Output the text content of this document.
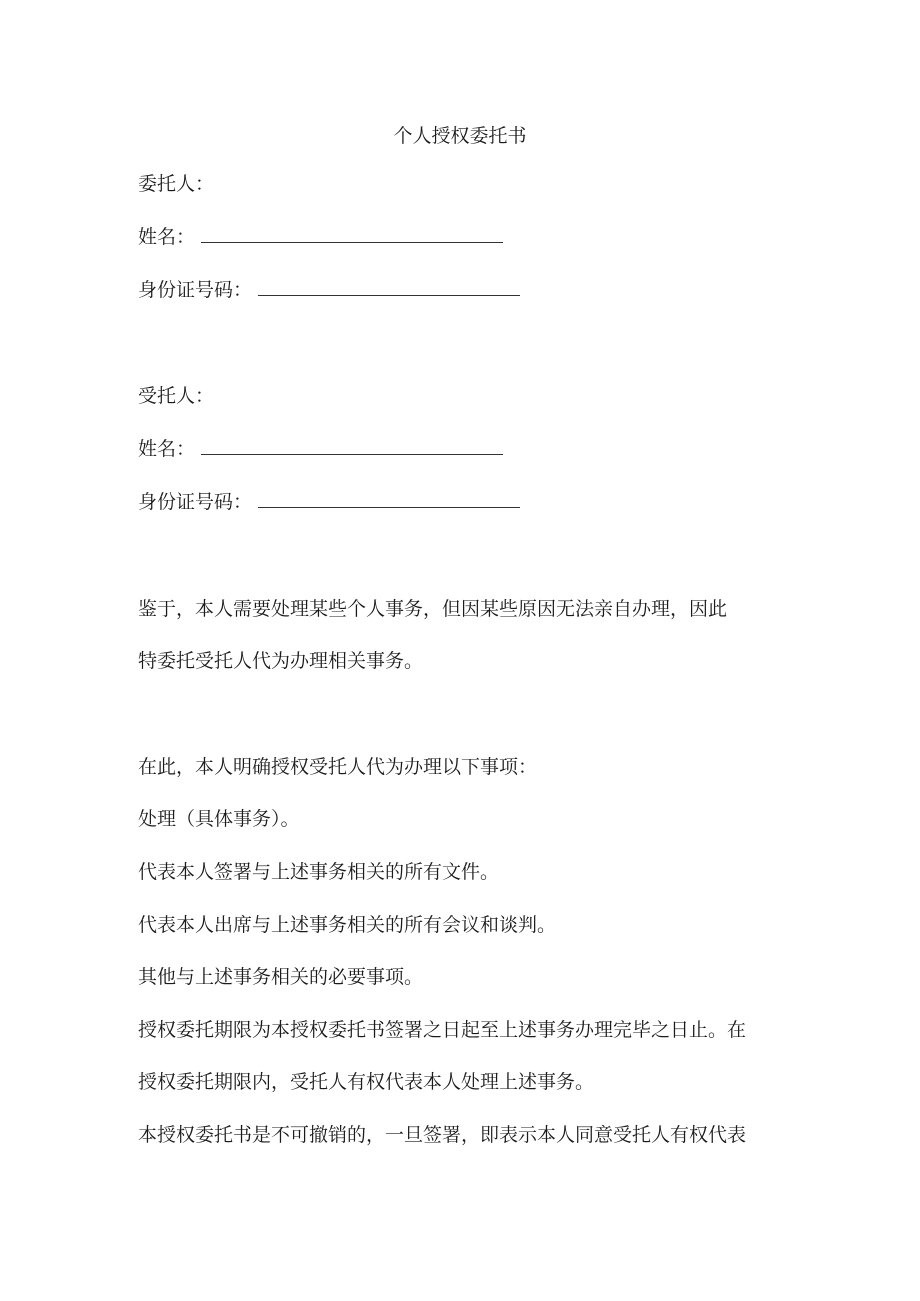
个人授权委托书
委托人：
姓名：
身份证号码：
受托人：
姓名：
身份证号码：
鉴于，本人需要处理某些个人事务，但因某些原因无法亲自办理，因此
特委托受托人代为办理相关事务。
在此，本人明确授权受托人代为办理以下事项：
处理（具体事务）。
代表本人签署与上述事务相关的所有文件。
代表本人出席与上述事务相关的所有会议和谈判。
其他与上述事务相关的必要事项。
授权委托期限为本授权委托书签署之日起至上述事务办理完毕之日止。在
授权委托期限内，受托人有权代表本人处理上述事务。
本授权委托书是不可撤销的，一旦签署，即表示本人同意受托人有权代表
